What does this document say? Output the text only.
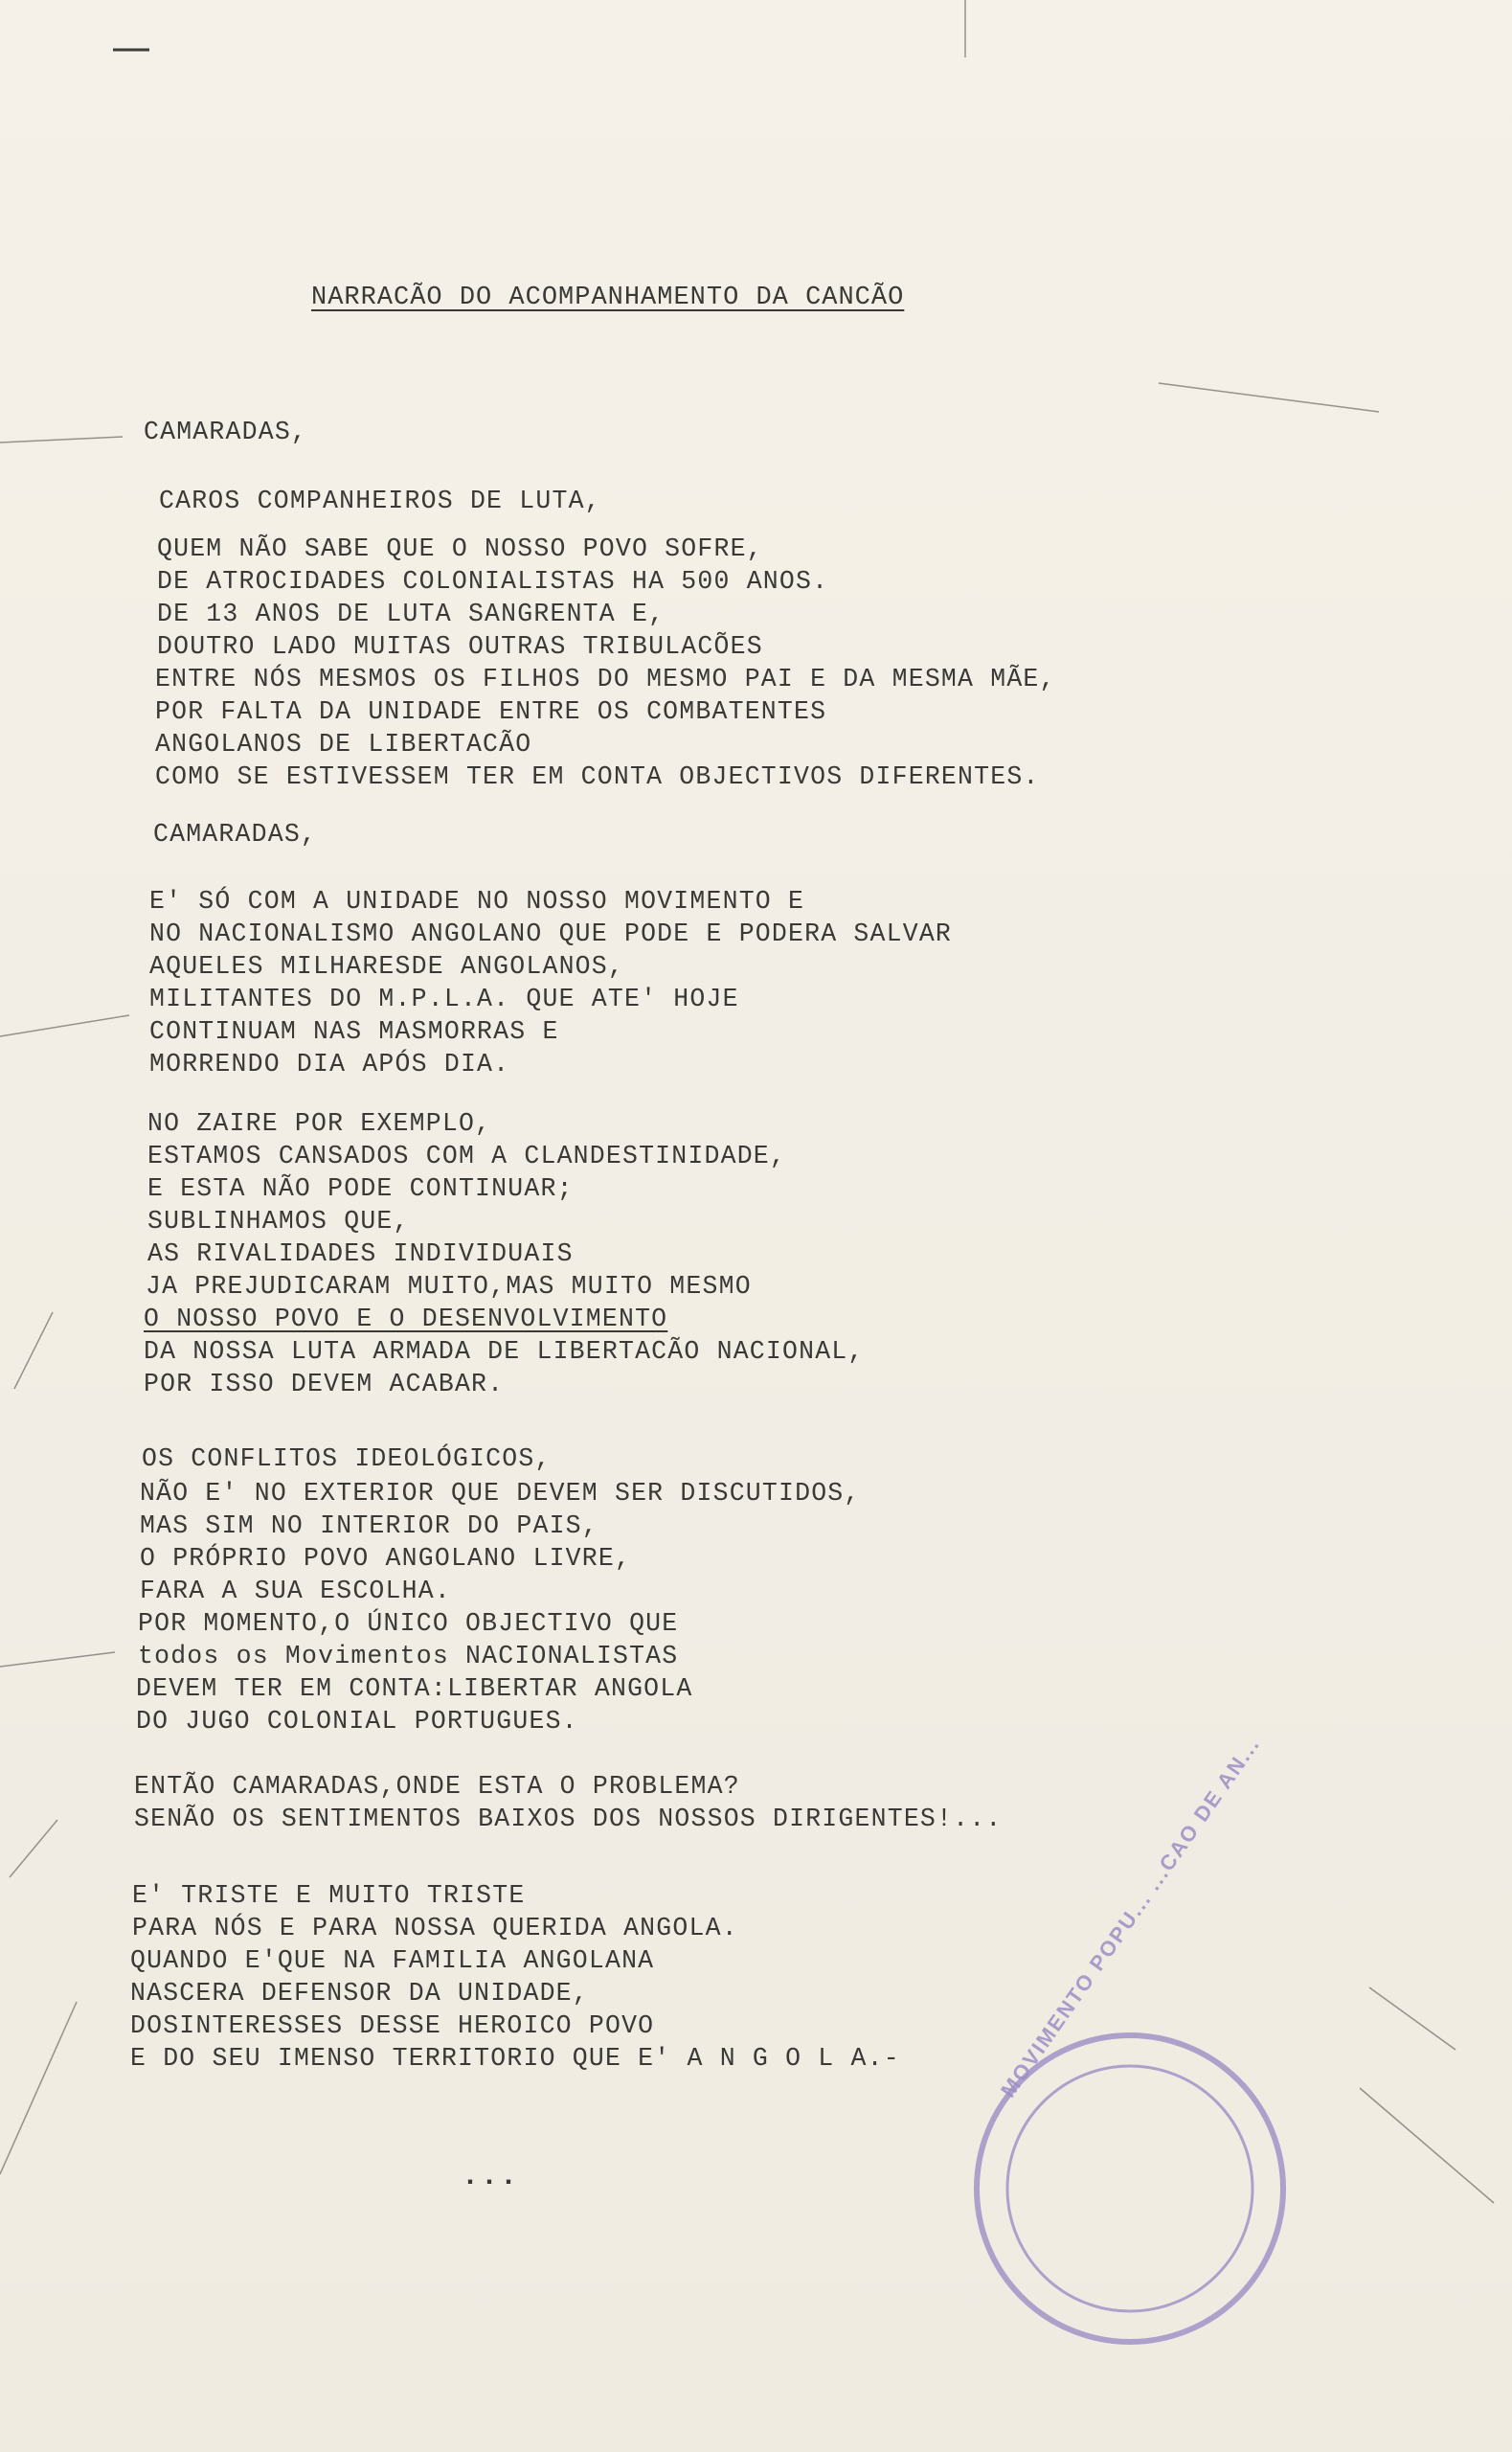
NARRACÃO DO ACOMPANHAMENTO DA CANCÃO
CAMARADAS,
CAROS COMPANHEIROS DE LUTA,
QUEM NÃO SABE QUE O NOSSO POVO SOFRE,
DE ATROCIDADES COLONIALISTAS HA 500 ANOS.
DE 13 ANOS DE LUTA SANGRENTA E,
DOUTRO LADO MUITAS OUTRAS TRIBULACÕES
ENTRE NÓS MESMOS OS FILHOS DO MESMO PAI E DA MESMA MÃE,
POR FALTA DA UNIDADE ENTRE OS COMBATENTES
ANGOLANOS DE LIBERTACÃO
COMO SE ESTIVESSEM TER EM CONTA OBJECTIVOS DIFERENTES.
CAMARADAS,
E' SÓ COM A UNIDADE NO NOSSO MOVIMENTO E
NO NACIONALISMO ANGOLANO QUE PODE E PODERA SALVAR
AQUELES MILHARESDE ANGOLANOS,
MILITANTES DO M.P.L.A. QUE ATE' HOJE
CONTINUAM NAS MASMORRAS E
MORRENDO DIA APÓS DIA.
NO ZAIRE POR EXEMPLO,
ESTAMOS CANSADOS COM A CLANDESTINIDADE,
E ESTA NÃO PODE CONTINUAR;
SUBLINHAMOS QUE,
AS RIVALIDADES INDIVIDUAIS
JA PREJUDICARAM MUITO,MAS MUITO MESMO
O NOSSO POVO E O DESENVOLVIMENTO
DA NOSSA LUTA ARMADA DE LIBERTACÃO NACIONAL,
POR ISSO DEVEM ACABAR.
OS CONFLITOS IDEOLÓGICOS,
NÃO E' NO EXTERIOR QUE DEVEM SER DISCUTIDOS,
MAS SIM NO INTERIOR DO PAIS,
O PRÓPRIO POVO ANGOLANO LIVRE,
FARA A SUA ESCOLHA.
POR MOMENTO,O ÚNICO OBJECTIVO QUE
todos os Movimentos NACIONALISTAS
DEVEM TER EM CONTA:LIBERTAR ANGOLA
DO JUGO COLONIAL PORTUGUES.
ENTÃO CAMARADAS,ONDE ESTA O PROBLEMA?
SENÃO OS SENTIMENTOS BAIXOS DOS NOSSOS DIRIGENTES!...
E' TRISTE E MUITO TRISTE
PARA NÓS E PARA NOSSA QUERIDA ANGOLA.
QUANDO E'QUE NA FAMILIA ANGOLANA
NASCERA DEFENSOR DA UNIDADE,
DOSINTERESSES DESSE HEROICO POVO
E DO SEU IMENSO TERRITORIO QUE E' A N G O L A.-
...
MOVIMENTO POPU... ...CAO DE AN...
